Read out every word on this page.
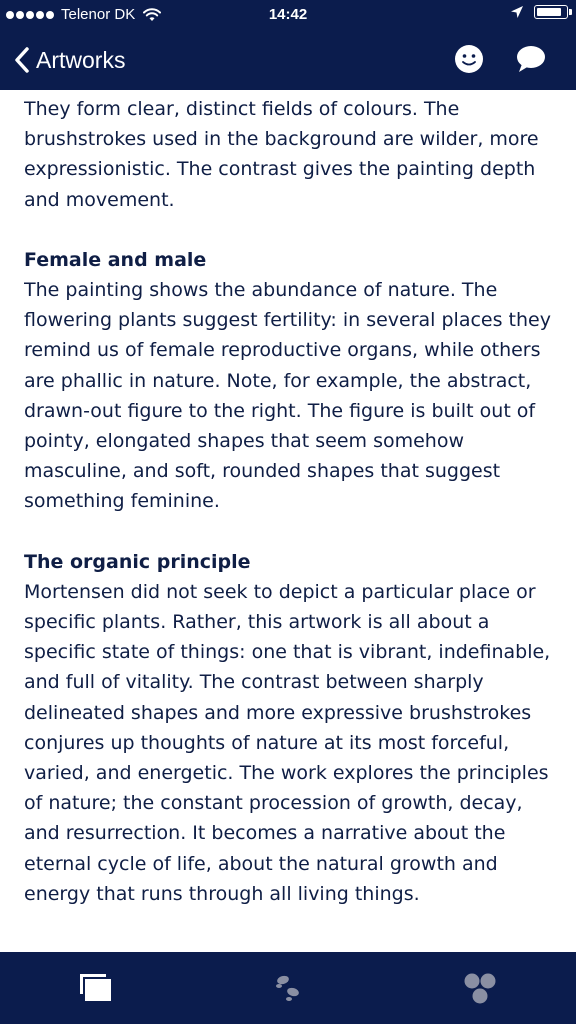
Telenor DK	14:42
Artworks

They form clear, distinct fields of colours. The brushstrokes used in the background are wilder, more expressionistic. The contrast gives the painting depth and movement.

Female and male

The painting shows the abundance of nature. The flowering plants suggest fertility: in several places they remind us of female reproductive organs, while others are phallic in nature. Note, for example, the abstract, drawn-out figure to the right. The figure is built out of pointy, elongated shapes that seem somehow masculine, and soft, rounded shapes that suggest something feminine.

The organic principle

Mortensen did not seek to depict a particular place or specific plants. Rather, this artwork is all about a specific state of things: one that is vibrant, indefinable, and full of vitality. The contrast between sharply delineated shapes and more expressive brushstrokes conjures up thoughts of nature at its most forceful, varied, and energetic. The work explores the principles of nature; the constant procession of growth, decay, and resurrection. It becomes a narrative about the eternal cycle of life, about the natural growth and energy that runs through all living things.
